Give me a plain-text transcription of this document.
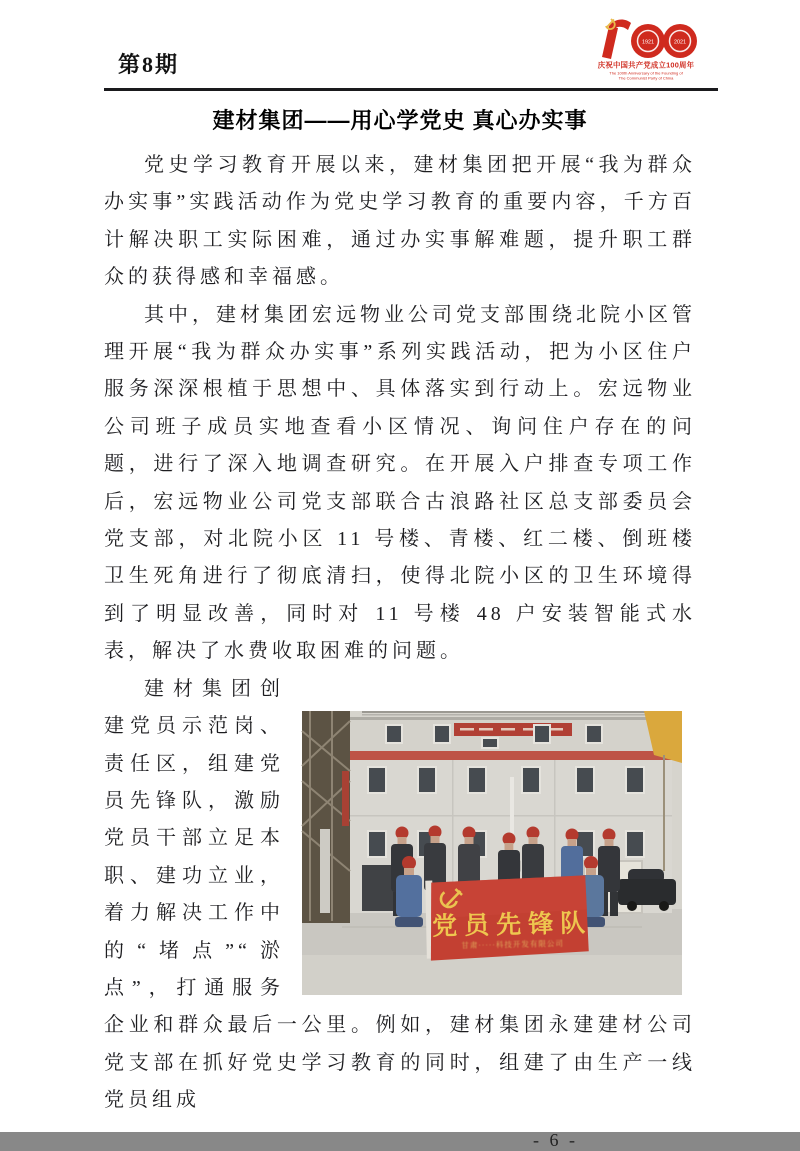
第8期
1921	2021
庆祝中国共产党成立100周年
The 100th Anniversary of the Founding of
The Communist Party of China
建材集团——用心学党史 真心办实事

党史学习教育开展以来，建材集团把开展“我为群众办实事”实践活动作为党史学习教育的重要内容，千方百计解决职工实际困难，通过办实事解难题，提升职工群众的获得感和幸福感。

其中，建材集团宏远物业公司党支部围绕北院小区管理开展“我为群众办实事”系列实践活动，把为小区住户服务深深根植于思想中、具体落实到行动上。宏远物业公司班子成员实地查看小区情况、询问住户存在的问题，进行了深入地调查研究。在开展入户排查专项工作后，宏远物业公司党支部联合古浪路社区总支部委员会党支部，对北院小区 11 号楼、青楼、红二楼、倒班楼卫生死角进行了彻底清扫，使得北院小区的卫生环境得到了明显改善，同时对 11 号楼 48 户安装智能式水表，解决了水费收取困难的问题。

党员先锋队
甘肃·····科技开发有限公司
建材集团创建党员示范岗、责任区，组建党员先锋队，激励党员干部立足本职、建功立业，着力解决工作中的“堵点”“淤点”，打通服务企业和群众最后一公里。例如，建材集团永建建材公司党支部在抓好党史学习教育的同时，组建了由生产一线党员组成

- 6 -
